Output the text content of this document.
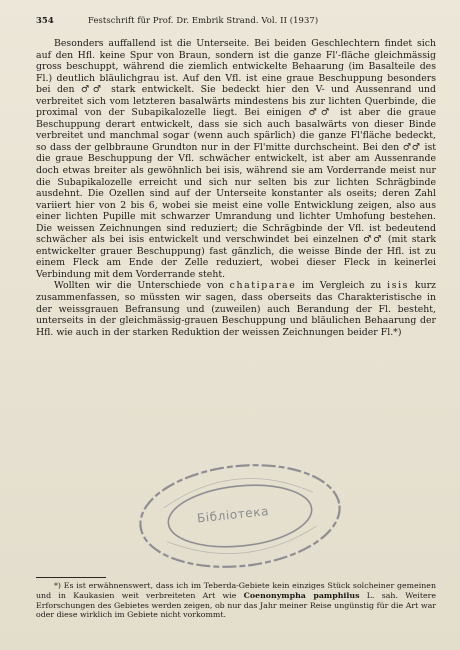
354	Festschrift für Prof. Dr. Embrik Strand. Vol. II (1937)

Besonders auffallend ist die Unterseite. Bei beiden Geschlechtern findet sich auf den Hfl. keine Spur von Braun, sondern ist die ganze Fl'-fläche gleichmässig gross beschuppt, während die ziemlich entwickelte Behaarung (im Basalteile des Fl.) deutlich bläulichgrau ist. Auf den Vfl. ist eine graue Beschuppung besonders bei den ♂♂ stark entwickelt. Sie bedeckt hier den V- und Aussenrand und verbreitet sich vom letzteren basalwärts mindestens bis zur lichten Querbinde, die proximal von der Subapikalozelle liegt. Bei einigen ♂♂ ist aber die graue Beschuppung derart entwickelt, dass sie sich auch basalwärts von dieser Binde verbreitet und manchmal sogar (wenn auch spärlich) die ganze Fl'fläche bedeckt, so dass der gelbbraune Grundton nur in der Fl'mitte durchscheint. Bei den ♂♂ ist die graue Beschuppung der Vfl. schwächer entwickelt, ist aber am Aussenrande doch etwas breiter als gewöhnlich bei isis, während sie am Vorderrande meist nur die Subapikalozelle erreicht und sich nur selten bis zur lichten Schrägbinde ausdehnt. Die Ozellen sind auf der Unterseite konstanter als oseits; deren Zahl variiert hier von 2 bis 6, wobei sie meist eine volle Entwicklung zeigen, also aus einer lichten Pupille mit schwarzer Umrandung und lichter Umhofung bestehen. Die weissen Zeichnungen sind reduziert; die Schrägbinde der Vfl. ist bedeutend schwächer als bei isis entwickelt und verschwindet bei einzelnen ♂♂ (mit stark entwickelter grauer Beschuppung) fast gänzlich, die weisse Binde der Hfl. ist zu einem Fleck am Ende der Zelle reduziert, wobei dieser Fleck in keinerlei Verbindung mit dem Vorderrande steht.

Wollten wir die Unterschiede von chatiparae im Vergleich zu isis kurz zusammenfassen, so müssten wir sagen, dass oberseits das Charakteristische in der weissgrauen Befransung und (zuweilen) auch Berandung der Fl. besteht, unterseits in der gleichmässig-grauen Beschuppung und bläulichen Behaarung der Hfl. wie auch in der starken Reduktion der weissen Zeichnungen beider Fl.*)

Бiблiотека

*) Es ist erwähnenswert, dass ich im Teberda-Gebiete kein einziges Stück solcheiner gemeinen und in Kaukasien weit verbreiteten Art wie Coenonympha pamphilus L. sah. Weitere Erforschungen des Gebietes werden zeigen, ob nur das Jahr meiner Reise ungünstig für die Art war oder diese wirklich im Gebiete nicht vorkommt.
